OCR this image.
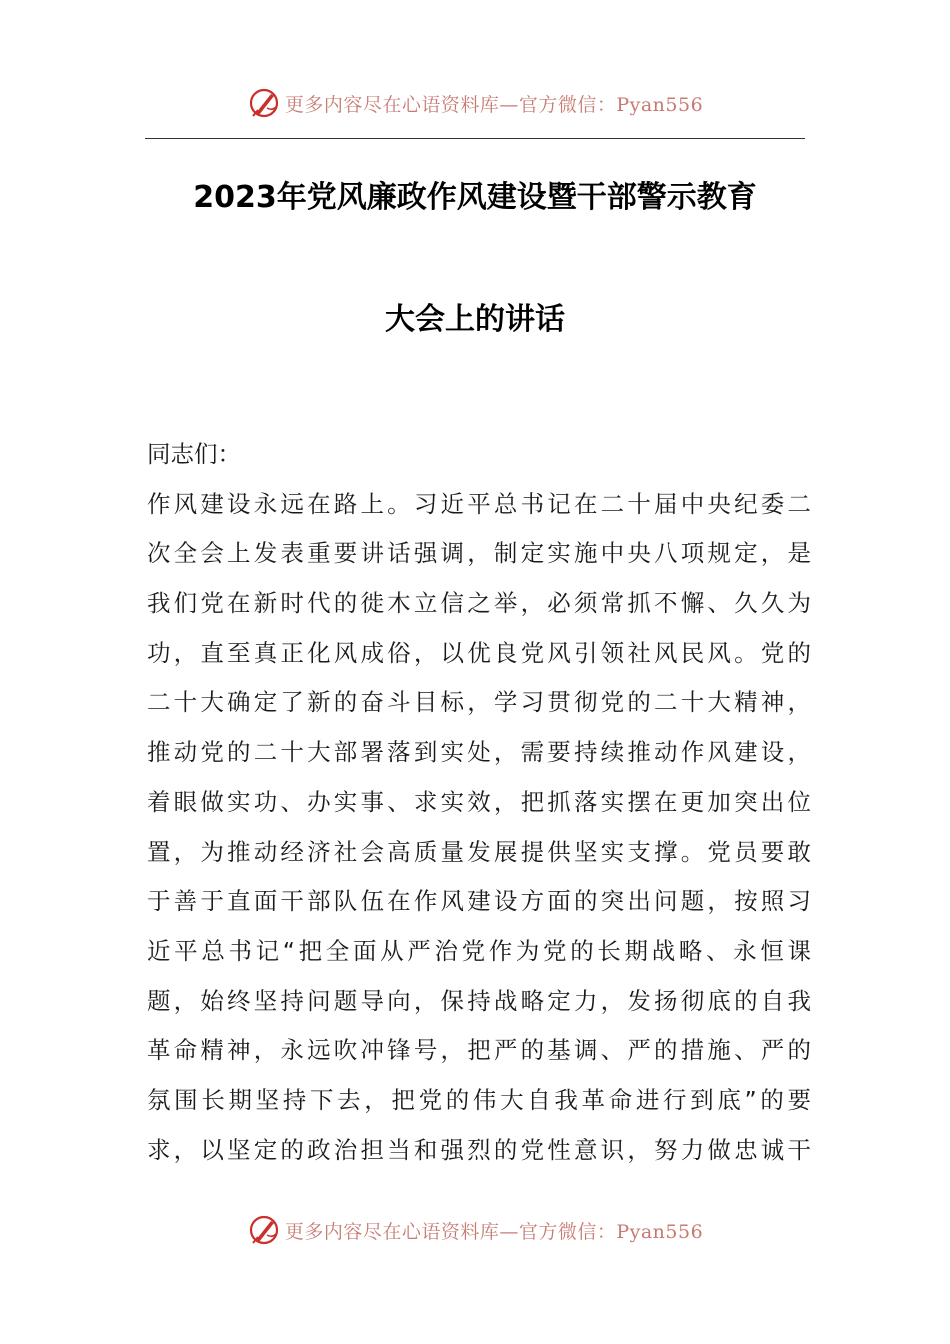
更多内容尽在心语资料库—官方微信：Pyan556
2023年党风廉政作风建设暨干部警示教育
大会上的讲话
同志们：
作风建设永远在路上。习近平总书记在二十届中央纪委二
次全会上发表重要讲话强调，制定实施中央八项规定，是
我们党在新时代的徙木立信之举，必须常抓不懈、久久为
功，直至真正化风成俗，以优良党风引领社风民风。党的
二十大确定了新的奋斗目标，学习贯彻党的二十大精神，
推动党的二十大部署落到实处，需要持续推动作风建设，
着眼做实功、办实事、求实效，把抓落实摆在更加突出位
置，为推动经济社会高质量发展提供坚实支撑。党员要敢
于善于直面干部队伍在作风建设方面的突出问题，按照习
近平总书记“把全面从严治党作为党的长期战略、永恒课
题，始终坚持问题导向，保持战略定力，发扬彻底的自我
革命精神，永远吹冲锋号，把严的基调、严的措施、严的
氛围长期坚持下去，把党的伟大自我革命进行到底”的要
求，以坚定的政治担当和强烈的党性意识，努力做忠诚干
更多内容尽在心语资料库—官方微信：Pyan556
